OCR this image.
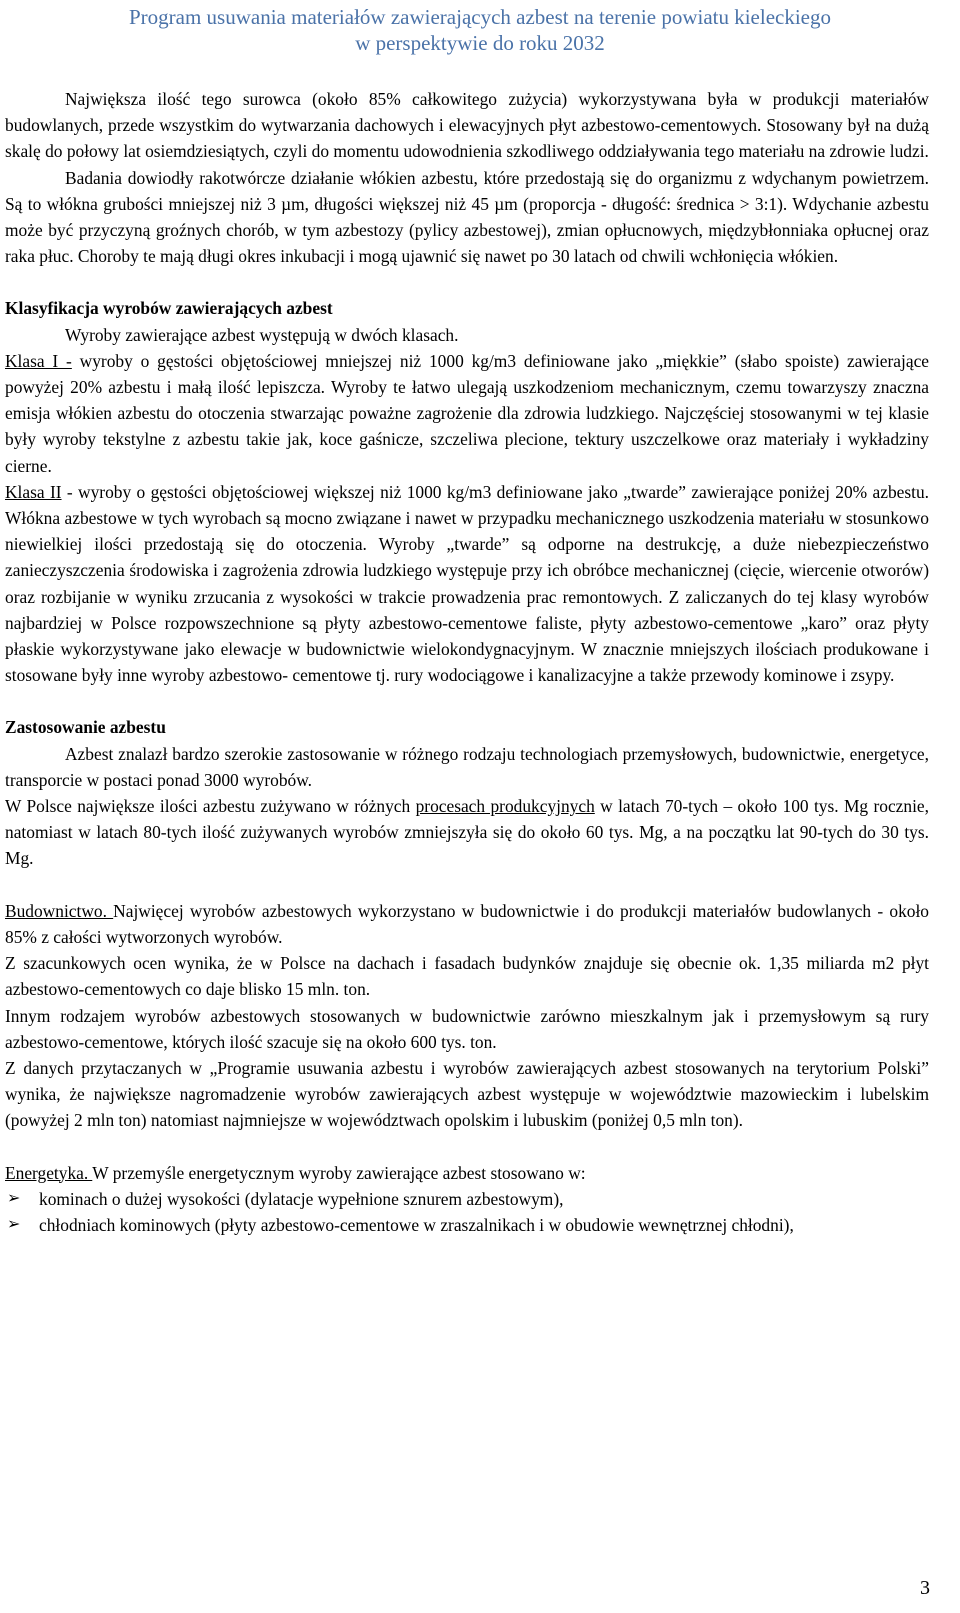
Program usuwania materiałów zawierających azbest na terenie powiatu kieleckiego
w perspektywie do roku 2032

Największa ilość tego surowca (około 85% całkowitego zużycia) wykorzystywana była w produkcji materiałów budowlanych, przede wszystkim do wytwarzania dachowych i elewacyjnych płyt azbestowo-cementowych. Stosowany był na dużą skalę do połowy lat osiemdziesiątych, czyli do momentu udowodnienia szkodliwego oddziaływania tego materiału na zdrowie ludzi.

Badania dowiodły rakotwórcze działanie włókien azbestu, które przedostają się do organizmu z wdychanym powietrzem. Są to włókna grubości mniejszej niż 3 µm, długości większej niż 45 µm (proporcja - długość: średnica > 3:1). Wdychanie azbestu może być przyczyną groźnych chorób, w tym azbestozy (pylicy azbestowej), zmian opłucnowych, międzybłonniaka opłucnej oraz raka płuc. Choroby te mają długi okres inkubacji i mogą ujawnić się nawet po 30 latach od chwili wchłonięcia włókien.

Klasyfikacja wyrobów zawierających azbest

Wyroby zawierające azbest występują w dwóch klasach.

Klasa I - wyroby o gęstości objętościowej mniejszej niż 1000 kg/m3 definiowane jako „miękkie” (słabo spoiste) zawierające powyżej 20% azbestu i małą ilość lepiszcza. Wyroby te łatwo ulegają uszkodzeniom mechanicznym, czemu towarzyszy znaczna emisja włókien azbestu do otoczenia stwarzając poważne zagrożenie dla zdrowia ludzkiego. Najczęściej stosowanymi w tej klasie były wyroby tekstylne z azbestu takie jak, koce gaśnicze, szczeliwa plecione, tektury uszczelkowe oraz materiały i wykładziny cierne.

Klasa II - wyroby o gęstości objętościowej większej niż 1000 kg/m3 definiowane jako „twarde” zawierające poniżej 20% azbestu. Włókna azbestowe w tych wyrobach są mocno związane i nawet w przypadku mechanicznego uszkodzenia materiału w stosunkowo niewielkiej ilości przedostają się do otoczenia. Wyroby „twarde” są odporne na destrukcję, a duże niebezpieczeństwo zanieczyszczenia środowiska i zagrożenia zdrowia ludzkiego występuje przy ich obróbce mechanicznej (cięcie, wiercenie otworów) oraz rozbijanie w wyniku zrzucania z wysokości w trakcie prowadzenia prac remontowych. Z zaliczanych do tej klasy wyrobów najbardziej w Polsce rozpowszechnione są płyty azbestowo-cementowe faliste, płyty azbestowo-cementowe „karo” oraz płyty płaskie wykorzystywane jako elewacje w budownictwie wielokondygnacyjnym. W znacznie mniejszych ilościach produkowane i stosowane były inne wyroby azbestowo- cementowe tj. rury wodociągowe i kanalizacyjne a także przewody kominowe i zsypy.

Zastosowanie azbestu

Azbest znalazł bardzo szerokie zastosowanie w różnego rodzaju technologiach przemysłowych, budownictwie, energetyce, transporcie w postaci ponad 3000 wyrobów.

W Polsce największe ilości azbestu zużywano w różnych procesach produkcyjnych w latach 70-tych – około 100 tys. Mg rocznie, natomiast w latach 80-tych ilość zużywanych wyrobów zmniejszyła się do około 60 tys. Mg, a na początku lat 90-tych do 30 tys. Mg.

Budownictwo. Najwięcej wyrobów azbestowych wykorzystano w budownictwie i do produkcji materiałów budowlanych - około 85% z całości wytworzonych wyrobów.

Z szacunkowych ocen wynika, że w Polsce na dachach i fasadach budynków znajduje się obecnie ok. 1,35 miliarda m2 płyt azbestowo-cementowych co daje blisko 15 mln. ton.

Innym rodzajem wyrobów azbestowych stosowanych w budownictwie zarówno mieszkalnym jak i przemysłowym są rury azbestowo-cementowe, których ilość szacuje się na około 600 tys. ton.

Z danych przytaczanych w „Programie usuwania azbestu i wyrobów zawierających azbest stosowanych na terytorium Polski” wynika, że największe nagromadzenie wyrobów zawierających azbest występuje w województwie mazowieckim i lubelskim (powyżej 2 mln ton) natomiast najmniejsze w województwach opolskim i lubuskim (poniżej 0,5 mln ton).

Energetyka. W przemyśle energetycznym wyroby zawierające azbest stosowano w:

➢ kominach o dużej wysokości (dylatacje wypełnione sznurem azbestowym),
➢ chłodniach kominowych (płyty azbestowo-cementowe w zraszalnikach i w obudowie wewnętrznej chłodni),
3
